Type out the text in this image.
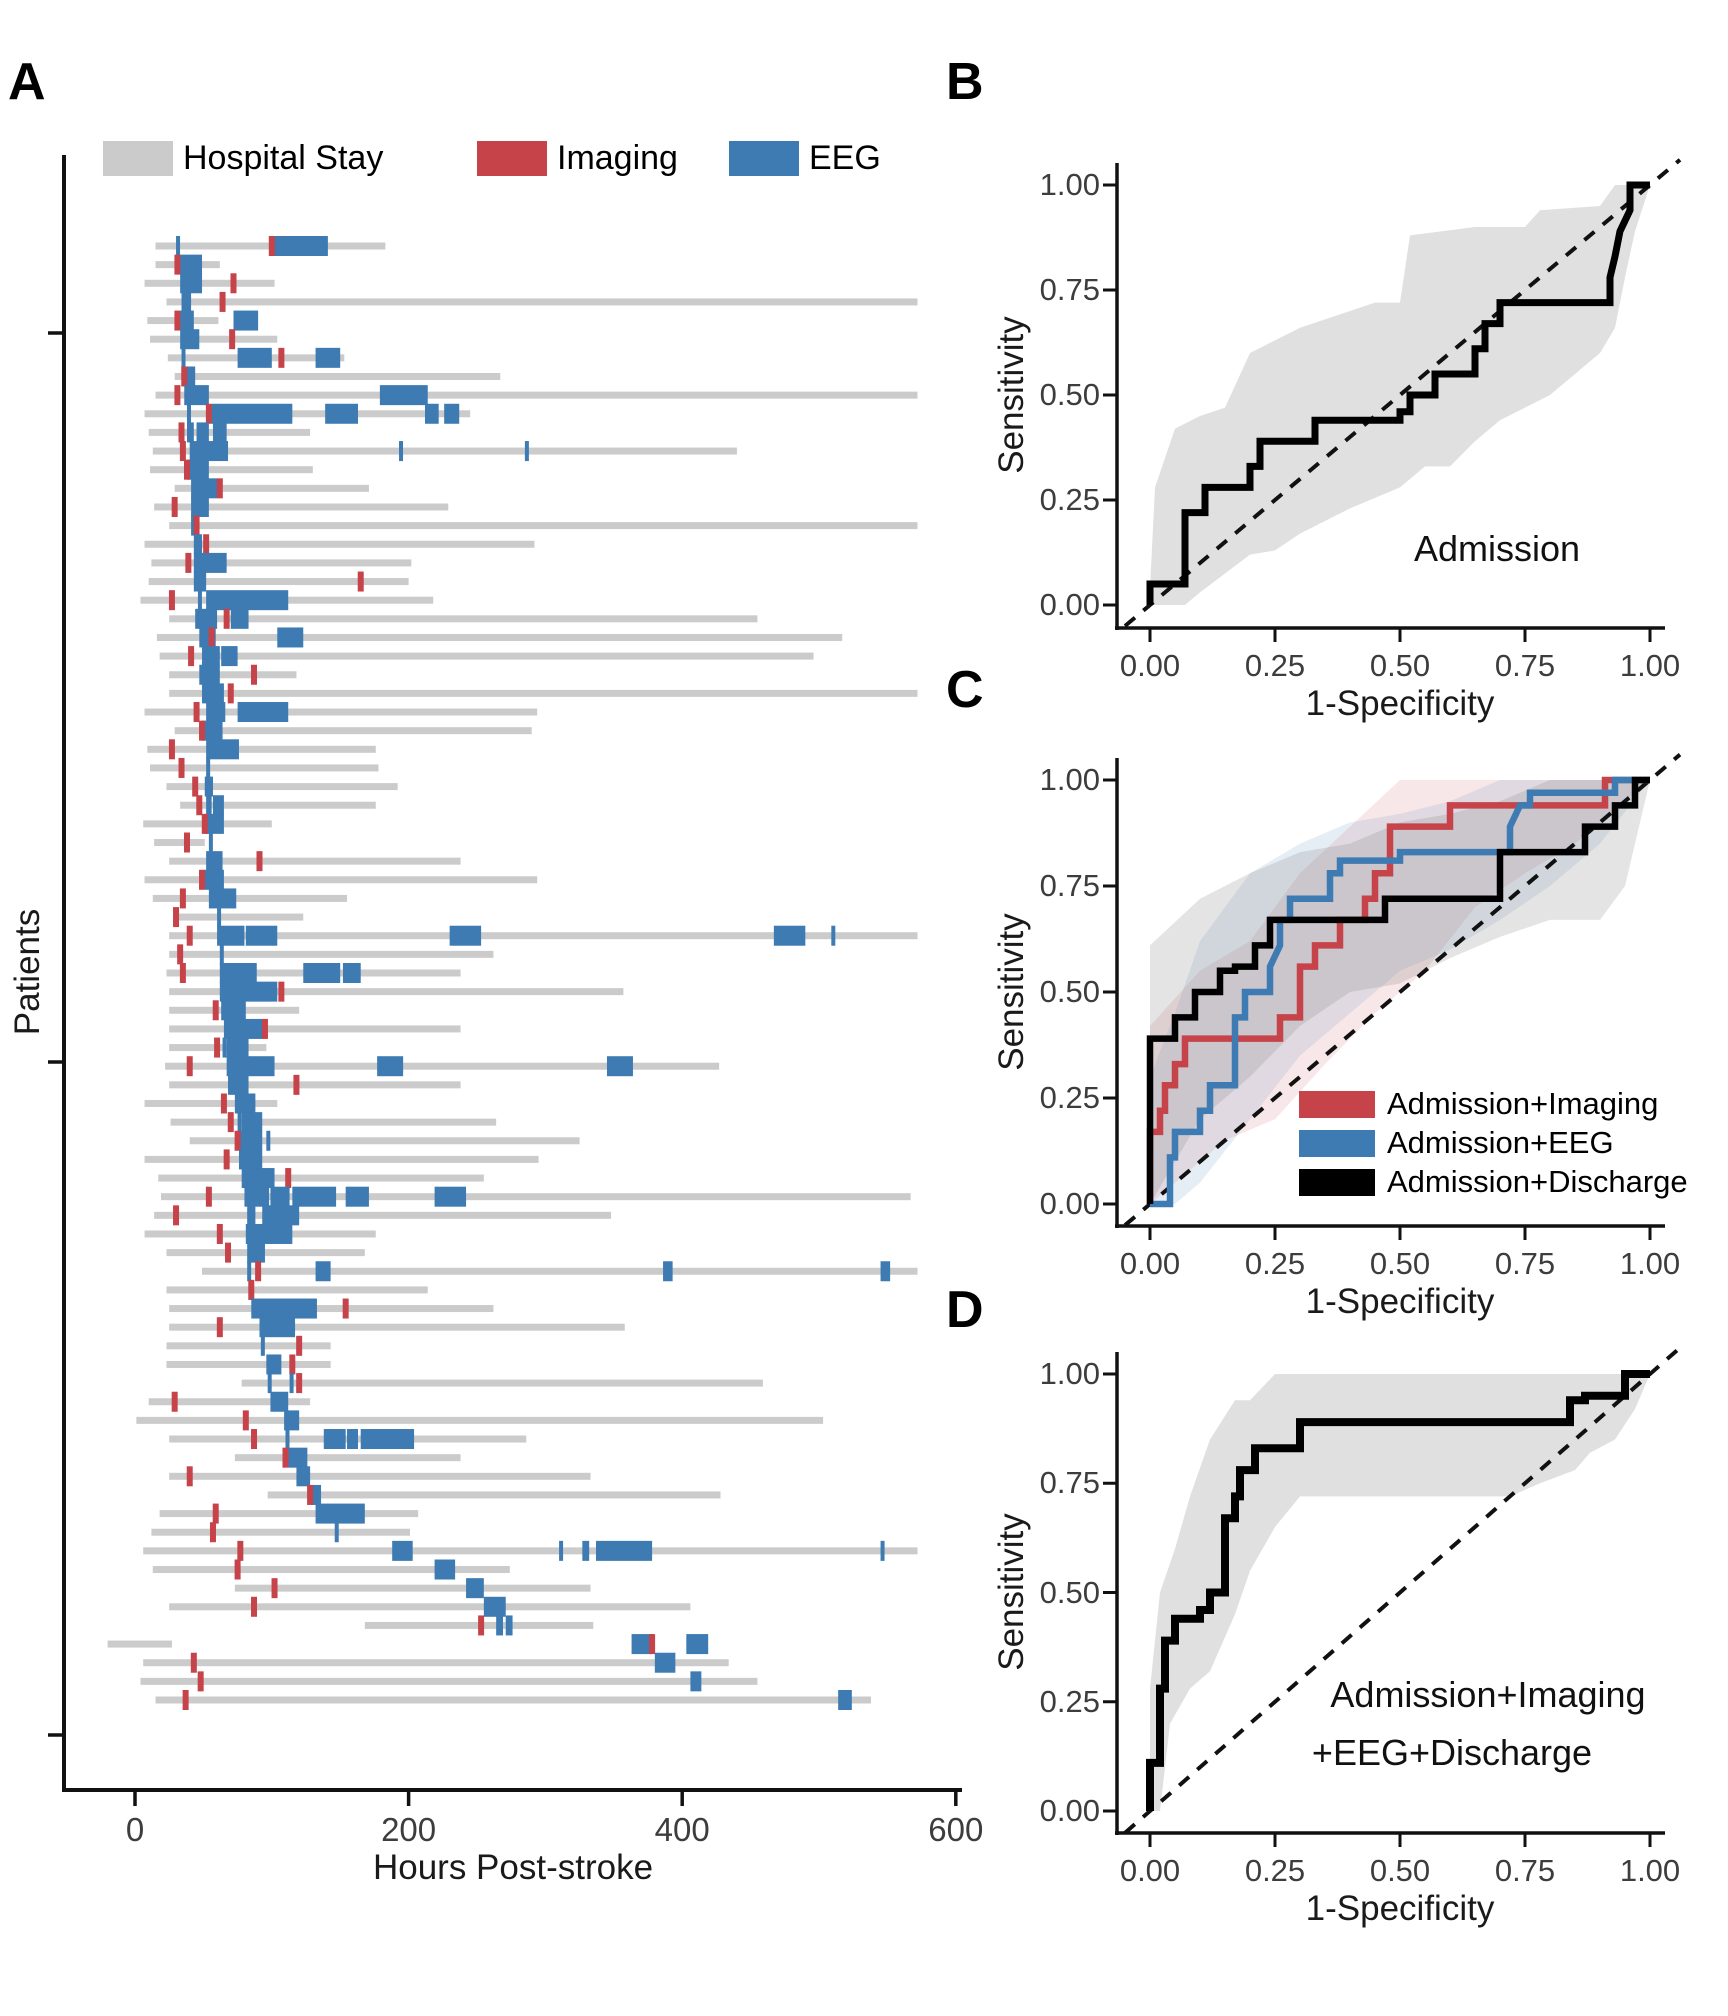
A	B
C
D
Hospital Stay	Imaging	EEG
Hours Post-stroke
Patients
Sensitivity
Sensitivity
Sensitivity
1-Specificity
1-Specificity
1-Specificity
Admission
Admission+Imaging
+EEG+Discharge
Admission+Imaging
Admission+EEG
Admission+Discharge
0	200	400	600
0.00
0.00
0.25
0.25
0.50
0.50
0.75
0.75
1.00
1.00
0.00
0.00
0.25
0.25
0.50
0.50
0.75
0.75
1.00
1.00
0.00
0.00
0.25
0.25
0.50
0.50
0.75
0.75
1.00
1.00
